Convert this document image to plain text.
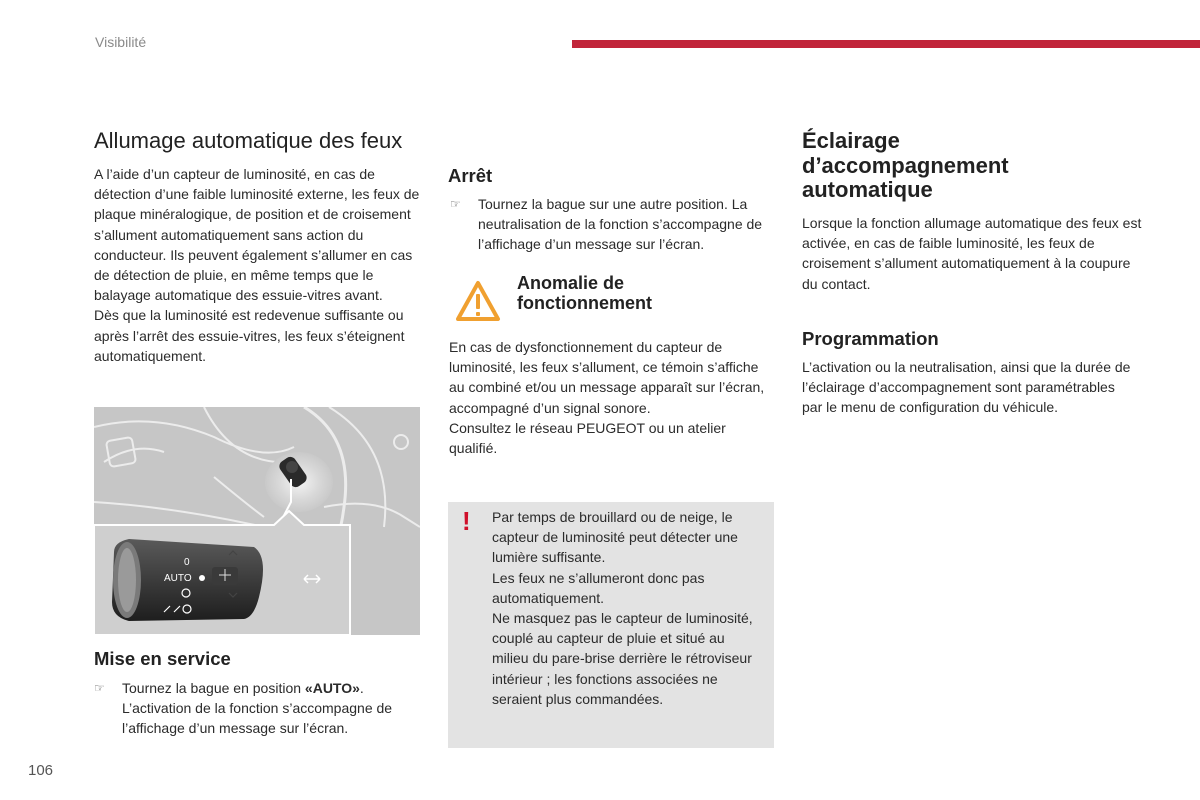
Visibilité
Allumage automatique des feux

A l’aide d’un capteur de luminosité, en cas de détection d’une faible luminosité externe, les feux de plaque minéralogique, de position et de croisement s’allument automatiquement sans action du conducteur. Ils peuvent également s’allumer en cas de détection de pluie, en même temps que le balayage automatique des essuie-vitres avant.

Dès que la luminosité est redevenue suffisante ou après l’arrêt des essuie-vitres, les feux s’éteignent automatiquement.

0
AUTO
Mise en service
☞ Tournez la bague en position «AUTO». L’activation de la fonction s’accompagne de l’affichage d’un message sur l’écran.
Arrêt
☞ Tournez la bague sur une autre position. La neutralisation de la fonction s’accompagne de l’affichage d’un message sur l’écran.
Anomalie de
fonctionnement

En cas de dysfonctionnement du capteur de luminosité, les feux s’allument, ce témoin s’affiche au combiné et/ou un message apparaît sur l’écran, accompagné d’un signal sonore.

Consultez le réseau PEUGEOT ou un atelier qualifié.

! Par temps de brouillard ou de neige, le capteur de luminosité peut détecter une lumière suffisante.

Les feux ne s’allumeront donc pas automatiquement.

Ne masquez pas le capteur de luminosité, couplé au capteur de pluie et situé au milieu du pare-brise derrière le rétroviseur intérieur ; les fonctions associées ne seraient plus commandées.

Éclairage
d’accompagnement
automatique
Lorsque la fonction allumage automatique des feux est activée, en cas de faible luminosité, les feux de croisement s’allument automatiquement à la coupure du contact.
Programmation
L’activation ou la neutralisation, ainsi que la durée de l’éclairage d’accompagnement sont paramétrables par le menu de configuration du véhicule.
106
